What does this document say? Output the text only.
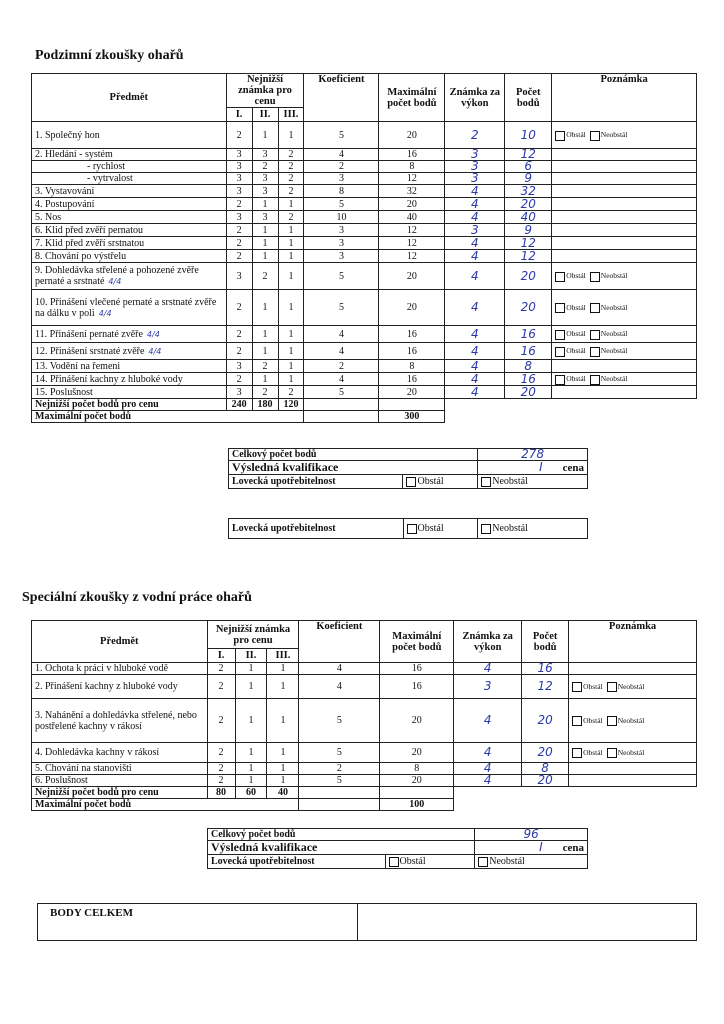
Podzimní zkoušky ohařů
Předmět	Nejnižší známka pro cenu			Koeficient	Maximální počet bodů	Známka za výkon	Počet bodů	Poznámka
	I.	II.	III.					
1. Společný hon	2	1	1	5	20	2	10	Obstál Neobstál
2. Hledání - systém	3	3	2	4	16	3	12	
- rychlost	3	2	2	2	8	3	6	
- vytrvalost	3	3	2	3	12	3	9	
3. Vystavování	3	3	2	8	32	4	32	
4. Postupování	2	1	1	5	20	4	20	
5. Nos	3	3	2	10	40	4	40	
6. Klid před zvěří pernatou	2	1	1	3	12	3	9	
7. Klid před zvěří srstnatou	2	1	1	3	12	4	12	
8. Chování po výstřelu	2	1	1	3	12	4	12	
9. Dohledávka střelené a pohozené zvěře pernaté a srstnaté 4/4	3	2	1	5	20	4	20	Obstál Neobstál
10. Přinášení vlečené pernaté a srstnaté zvěře na dálku v poli 4/4	2	1	1	5	20	4	20	Obstál Neobstál
11. Přinášení pernaté zvěře 4/4	2	1	1	4	16	4	16	Obstál Neobstál
12. Přinášení srstnaté zvěře 4/4	2	1	1	4	16	4	16	Obstál Neobstál
13. Vodění na řemeni	3	2	1	2	8	4	8	
14. Přinášení kachny z hluboké vody	2	1	1	4	16	4	16	Obstál Neobstál
15. Poslušnost	3	2	2	5	20	4	20	
Nejnižší počet bodů pro cenu	240	180	120					
Maximální počet bodů					300			
Celkový počet bodů		278
Výsledná kvalifikace		I cena
Lovecká upotřebitelnost	Obstál	Neobstál
Lovecká upotřebitelnost	Obstál	Neobstál
Speciální zkoušky z vodní práce ohařů
Předmět	Nejnižší známka pro cenu			Koeficient	Maximální počet bodů	Známka za výkon	Počet bodů	Poznámka
	I.	II.	III.					
1. Ochota k práci v hluboké vodě	2	1	1	4	16	4	16	
2. Přinášení kachny z hluboké vody	2	1	1	4	16	3	12	Obstál Neobstál
3. Nahánění a dohledávka střelené, nebo postřelené kachny v rákosí	2	1	1	5	20	4	20	Obstál Neobstál
4. Dohledávka kachny v rákosí	2	1	1	5	20	4	20	Obstál Neobstál
5. Chování na stanovišti	2	1	1	2	8	4	8	
6. Poslušnost	2	1	1	5	20	4	20	
Nejnižší počet bodů pro cenu	80	60	40					
Maximální počet bodů					100			
Celkový počet bodů		96
Výsledná kvalifikace		I cena
Lovecká upotřebitelnost	Obstál	Neobstál
BODY CELKEM	
